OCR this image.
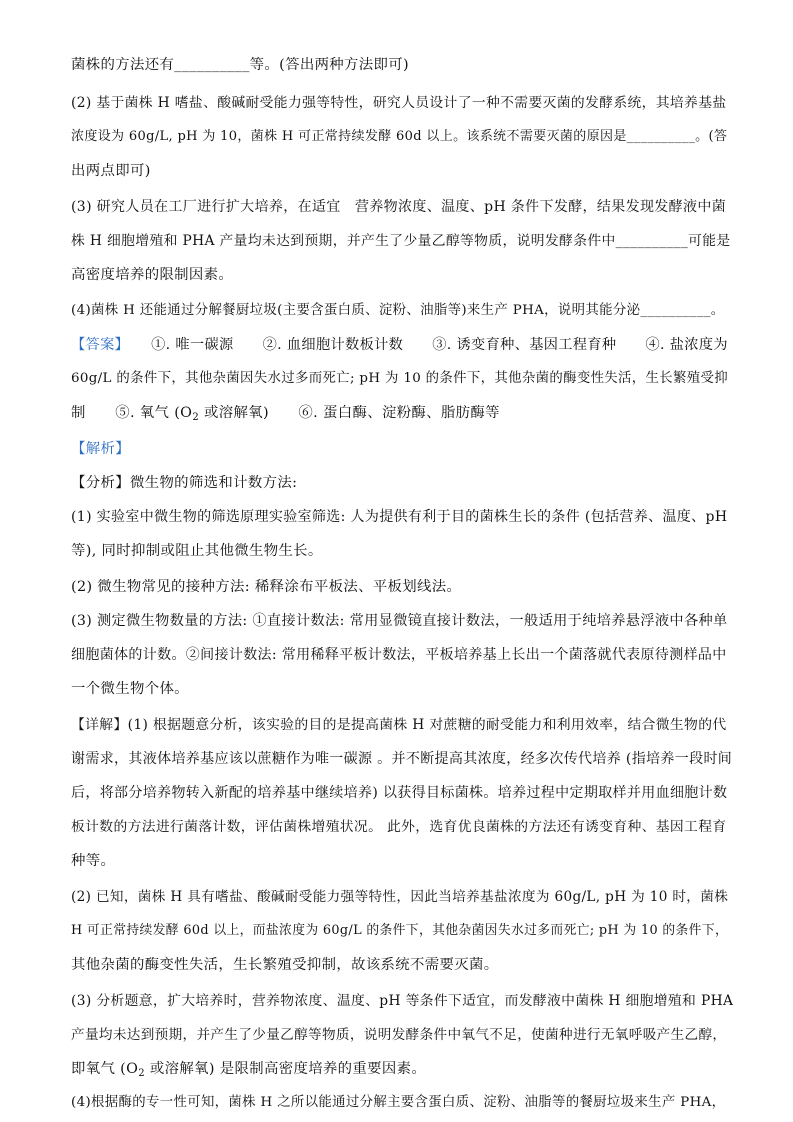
菌株的方法还有__________等。(答出两种方法即可)
(2) 基于菌株 H 嗜盐、酸碱耐受能力强等特性，研究人员设计了一种不需要灭菌的发酵系统，其培养基盐
浓度设为 60g/L, pH 为 10，菌株 H 可正常持续发酵 60d 以上。该系统不需要灭菌的原因是__________。(答
出两点即可)
(3) 研究人员在工厂进行扩大培养，在适宜　营养物浓度、温度、pH 条件下发酵，结果发现发酵液中菌
株 H 细胞增殖和 PHA 产量均未达到预期，并产生了少量乙醇等物质，说明发酵条件中__________可能是
高密度培养的限制因素。
(4)菌株 H 还能通过分解餐厨垃圾(主要含蛋白质、淀粉、油脂等)来生产 PHA，说明其能分泌__________。
【答案】　　①. 唯一碳源　　②. 血细胞计数板计数　　③. 诱变育种、基因工程育种　　④. 盐浓度为
60g/L 的条件下，其他杂菌因失水过多而死亡; pH 为 10 的条件下，其他杂菌的酶变性失活，生长繁殖受抑
制　　⑤. 氧气 ($O_2$ 或溶解氧)　　⑥. 蛋白酶、淀粉酶、脂肪酶等
【解析】
【分析】微生物的筛选和计数方法:
(1) 实验室中微生物的筛选原理实验室筛选: 人为提供有利于目的菌株生长的条件 (包括营养、温度、pH
等), 同时抑制或阻止其他微生物生长。
(2) 微生物常见的接种方法: 稀释涂布平板法、平板划线法。
(3) 测定微生物数量的方法: ①直接计数法: 常用显微镜直接计数法，一般适用于纯培养悬浮液中各种单
细胞菌体的计数。②间接计数法: 常用稀释平板计数法，平板培养基上长出一个菌落就代表原待测样品中
一个微生物个体。
【详解】(1) 根据题意分析，该实验的目的是提高菌株 H 对蔗糖的耐受能力和利用效率，结合微生物的代
谢需求，其液体培养基应该以蔗糖作为唯一碳源 。并不断提高其浓度，经多次传代培养 (指培养一段时间
后，将部分培养物转入新配的培养基中继续培养) 以获得目标菌株。培养过程中定期取样并用血细胞计数
板计数的方法进行菌落计数，评估菌株增殖状况。 此外，选育优良菌株的方法还有诱变育种、基因工程育
种等。
(2) 已知，菌株 H 具有嗜盐、酸碱耐受能力强等特性，因此当培养基盐浓度为 60g/L, pH 为 10 时，菌株
H 可正常持续发酵 60d 以上，而盐浓度为 60g/L 的条件下，其他杂菌因失水过多而死亡; pH 为 10 的条件下，
其他杂菌的酶变性失活，生长繁殖受抑制，故该系统不需要灭菌。
(3) 分析题意，扩大培养时，营养物浓度、温度、pH 等条件下适宜，而发酵液中菌株 H 细胞增殖和 PHA
产量均未达到预期，并产生了少量乙醇等物质，说明发酵条件中氧气不足，使菌种进行无氧呼吸产生乙醇，
即氧气 ($O_2$ 或溶解氧) 是限制高密度培养的重要因素。
(4)根据酶的专一性可知，菌株 H 之所以能通过分解主要含蛋白质、淀粉、油脂等的餐厨垃圾来生产 PHA，
